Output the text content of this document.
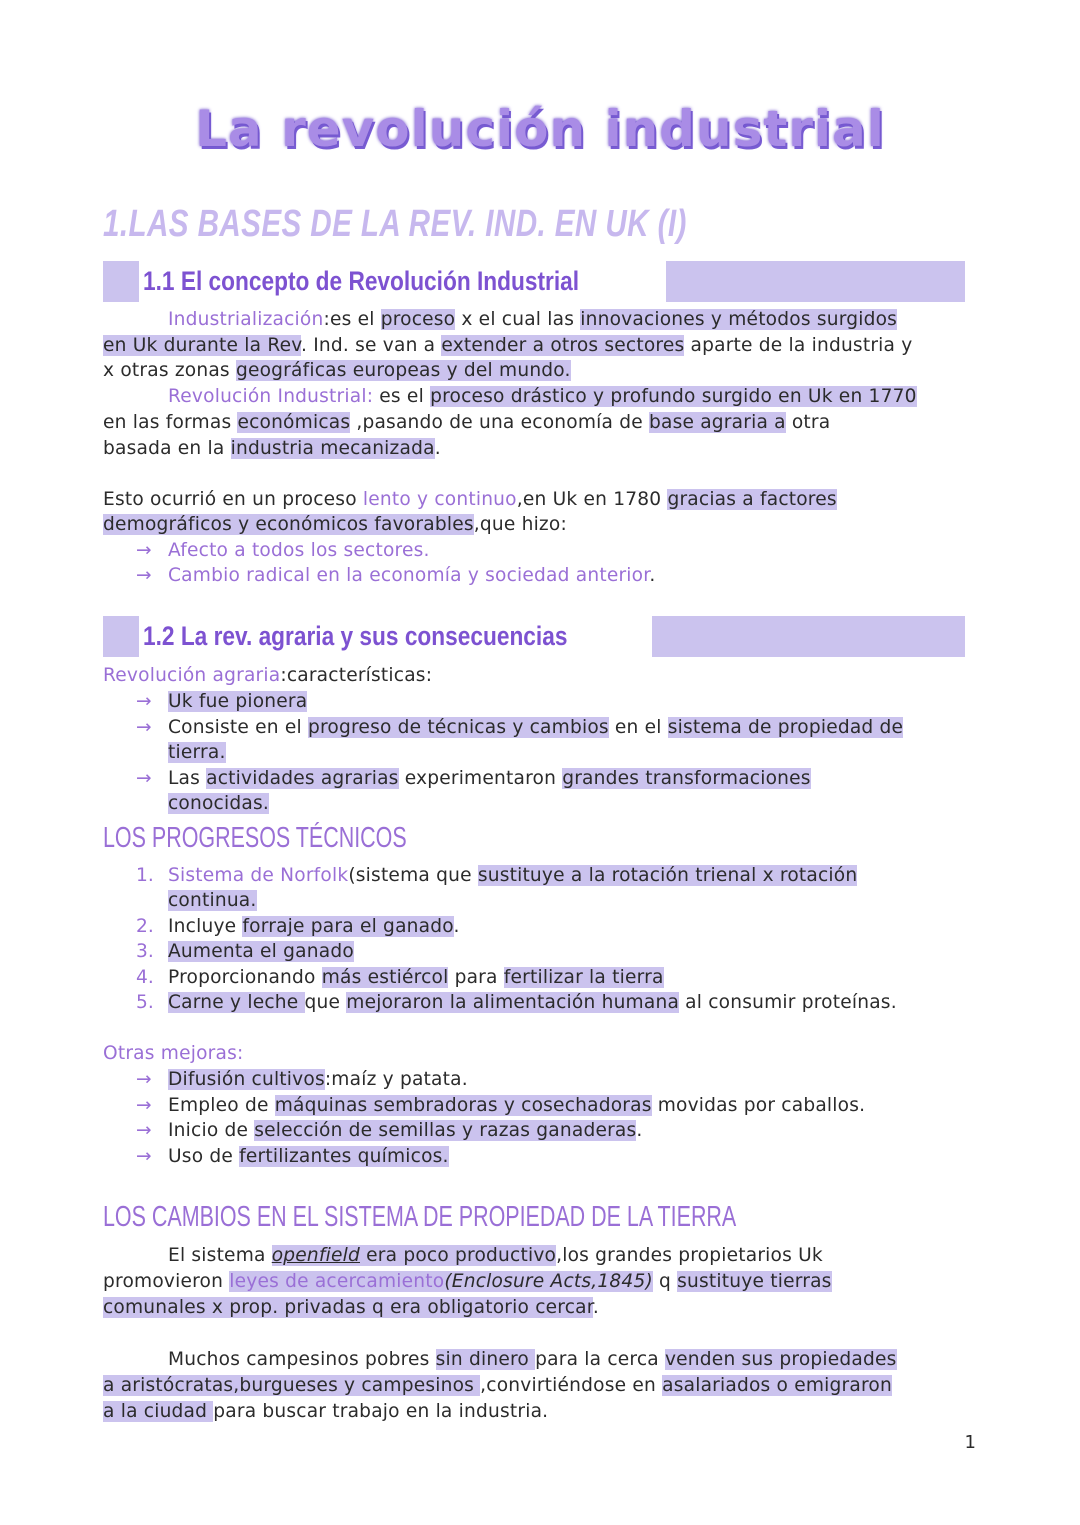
La revolución industrial
1.LAS BASES DE LA REV. IND. EN UK (I)
1.1 El concepto de Revolución Industrial
Industrialización:es el proceso x el cual las innovaciones y métodos surgidos
en Uk durante la Rev. Ind. se van a extender a otros sectores aparte de la industria y
x otras zonas geográficas europeas y del mundo.
Revolución Industrial: es el proceso drástico y profundo surgido en Uk en 1770
en las formas económicas ,pasando de una economía de base agraria a otra
basada en la industria mecanizada.
Esto ocurrió en un proceso lento y continuo,en Uk en 1780 gracias a factores
demográficos y económicos favorables,que hizo:
→ Afecto a todos los sectores.
→ Cambio radical en la economía y sociedad anterior.
1.2 La rev. agraria y sus consecuencias
Revolución agraria:características:
→ Uk fue pionera
→ Consiste en el progreso de técnicas y cambios en el sistema de propiedad de
tierra.
→ Las actividades agrarias experimentaron grandes transformaciones
conocidas.
LOS PROGRESOS TÉCNICOS
1. Sistema de Norfolk(sistema que sustituye a la rotación trienal x rotación
continua.
2. Incluye forraje para el ganado.
3. Aumenta el ganado
4. Proporcionando más estiércol para fertilizar la tierra
5. Carne y leche que mejoraron la alimentación humana al consumir proteínas.
Otras mejoras:
→ Difusión cultivos:maíz y patata.
→ Empleo de máquinas sembradoras y cosechadoras movidas por caballos.
→ Inicio de selección de semillas y razas ganaderas.
→ Uso de fertilizantes químicos.
LOS CAMBIOS EN EL SISTEMA DE PROPIEDAD DE LA TIERRA
El sistema openfield era poco productivo,los grandes propietarios Uk
promovieron leyes de acercamiento(Enclosure Acts,1845) q sustituye tierras
comunales x prop. privadas q era obligatorio cercar.
Muchos campesinos pobres sin dinero para la cerca venden sus propiedades
a aristócratas,burgueses y campesinos ,convirtiéndose en asalariados o emigraron
a la ciudad para buscar trabajo en la industria.
1
